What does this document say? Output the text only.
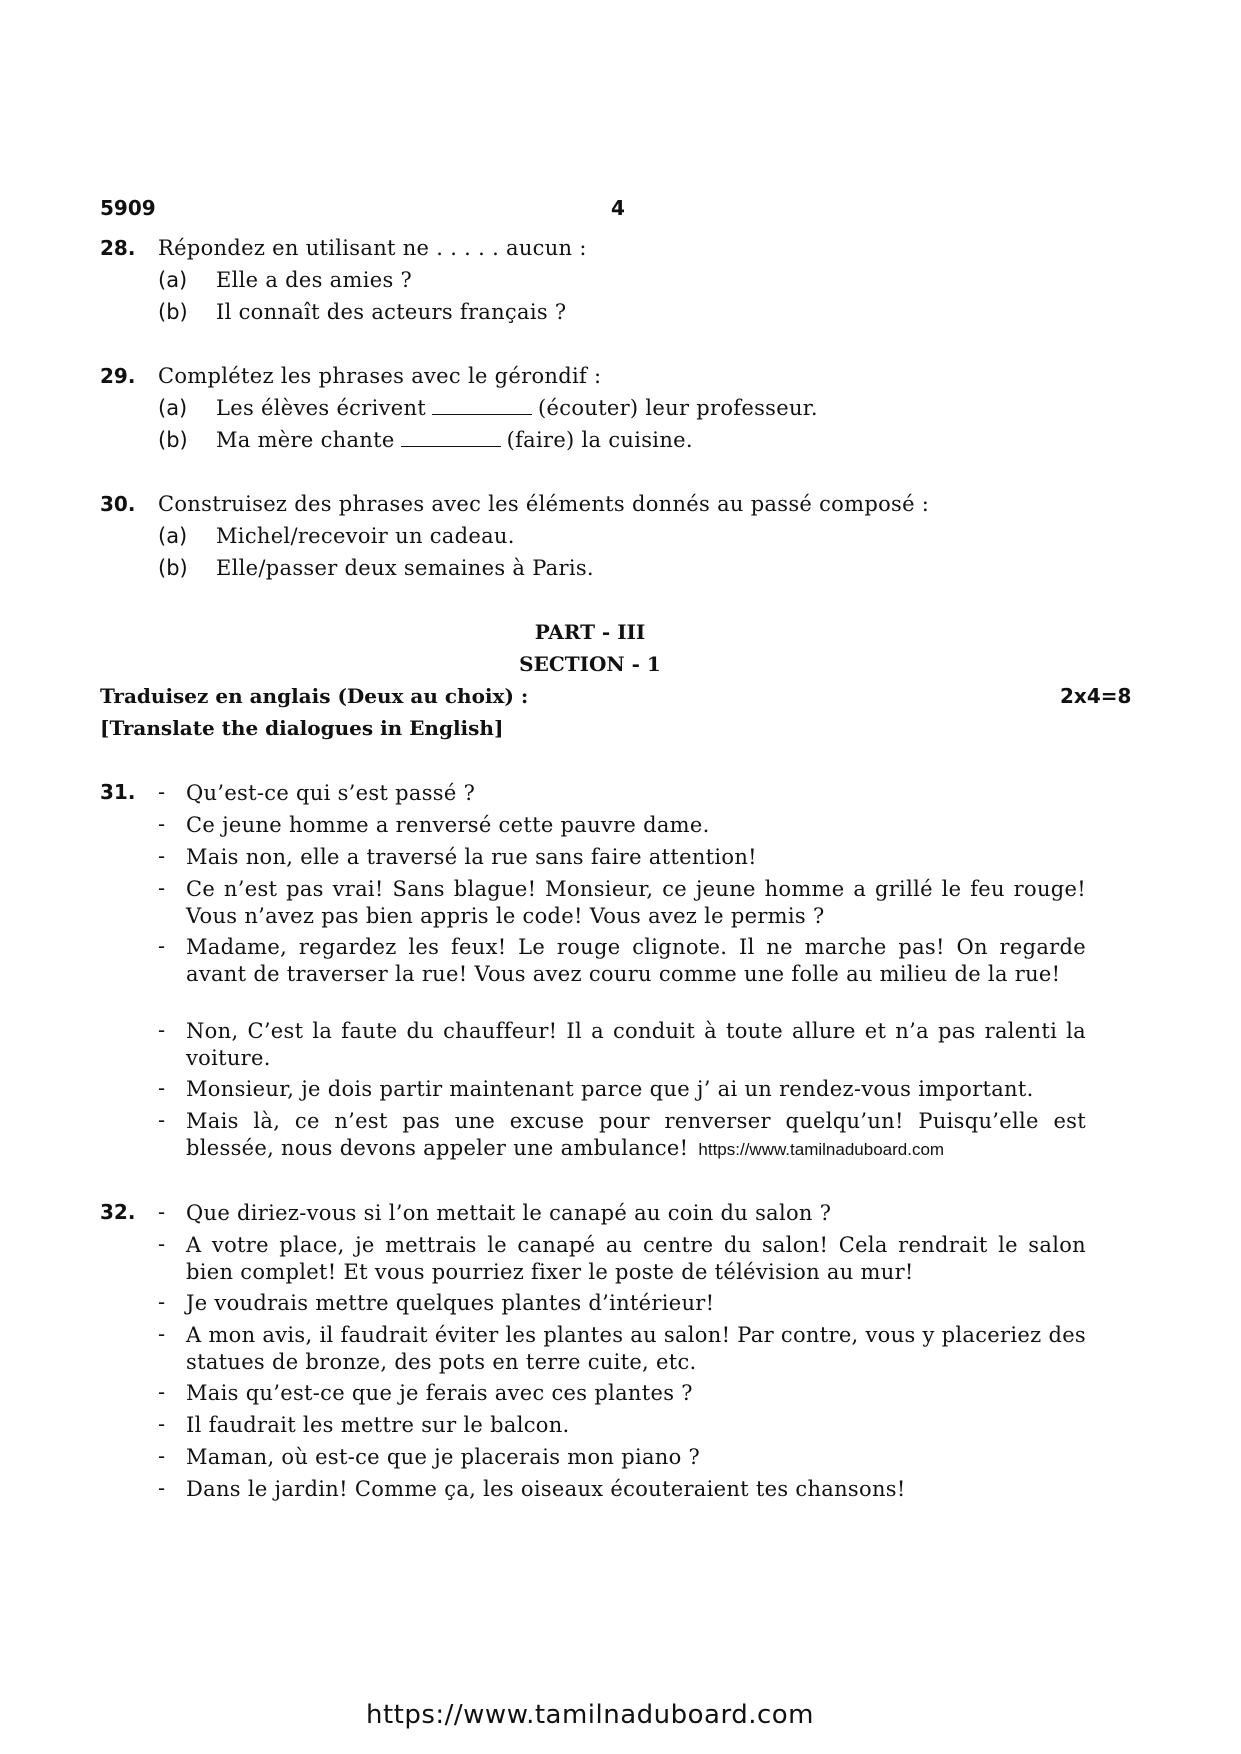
5909	4
28. Répondez en utilisant ne . . . . . aucun :
(a) Elle a des amies ?
(b) Il connaît des acteurs français ?
29. Complétez les phrases avec le gérondif :
(a) Les élèves écrivent	(écouter) leur professeur.
(b) Ma mère chante	(faire) la cuisine.
30. Construisez des phrases avec les éléments donnés au passé composé :
(a) Michel/recevoir un cadeau.
(b) Elle/passer deux semaines à Paris.
PART - III
SECTION - 1
Traduisez en anglais (Deux au choix) :	2x4=8
[Translate the dialogues in English]
31. - Qu’est-ce qui s’est passé ?
- Ce jeune homme a renversé cette pauvre dame.
- Mais non, elle a traversé la rue sans faire attention!
- Ce n’est pas vrai! Sans blague! Monsieur, ce jeune homme a grillé le feu rouge! Vous n’avez pas bien appris le code! Vous avez le permis ?
- Madame, regardez les feux! Le rouge clignote. Il ne marche pas! On regarde avant de traverser la rue! Vous avez couru comme une folle au milieu de la rue!
- Non, C’est la faute du chauffeur! Il a conduit à toute allure et n’a pas ralenti la voiture.
- Monsieur, je dois partir maintenant parce que j’ ai un rendez-vous important.
- Mais là, ce n’est pas une excuse pour renverser quelqu’un! Puisqu’elle est blessée, nous devons appeler une ambulance! https://www.tamilnaduboard.com
32. - Que diriez-vous si l’on mettait le canapé au coin du salon ?
- A votre place, je mettrais le canapé au centre du salon! Cela rendrait le salon bien complet! Et vous pourriez fixer le poste de télévision au mur!
- Je voudrais mettre quelques plantes d’intérieur!
- A mon avis, il faudrait éviter les plantes au salon! Par contre, vous y placeriez des statues de bronze, des pots en terre cuite, etc.
- Mais qu’est-ce que je ferais avec ces plantes ?
- Il faudrait les mettre sur le balcon.
- Maman, où est-ce que je placerais mon piano ?
- Dans le jardin! Comme ça, les oiseaux écouteraient tes chansons!
https://www.tamilnaduboard.com
